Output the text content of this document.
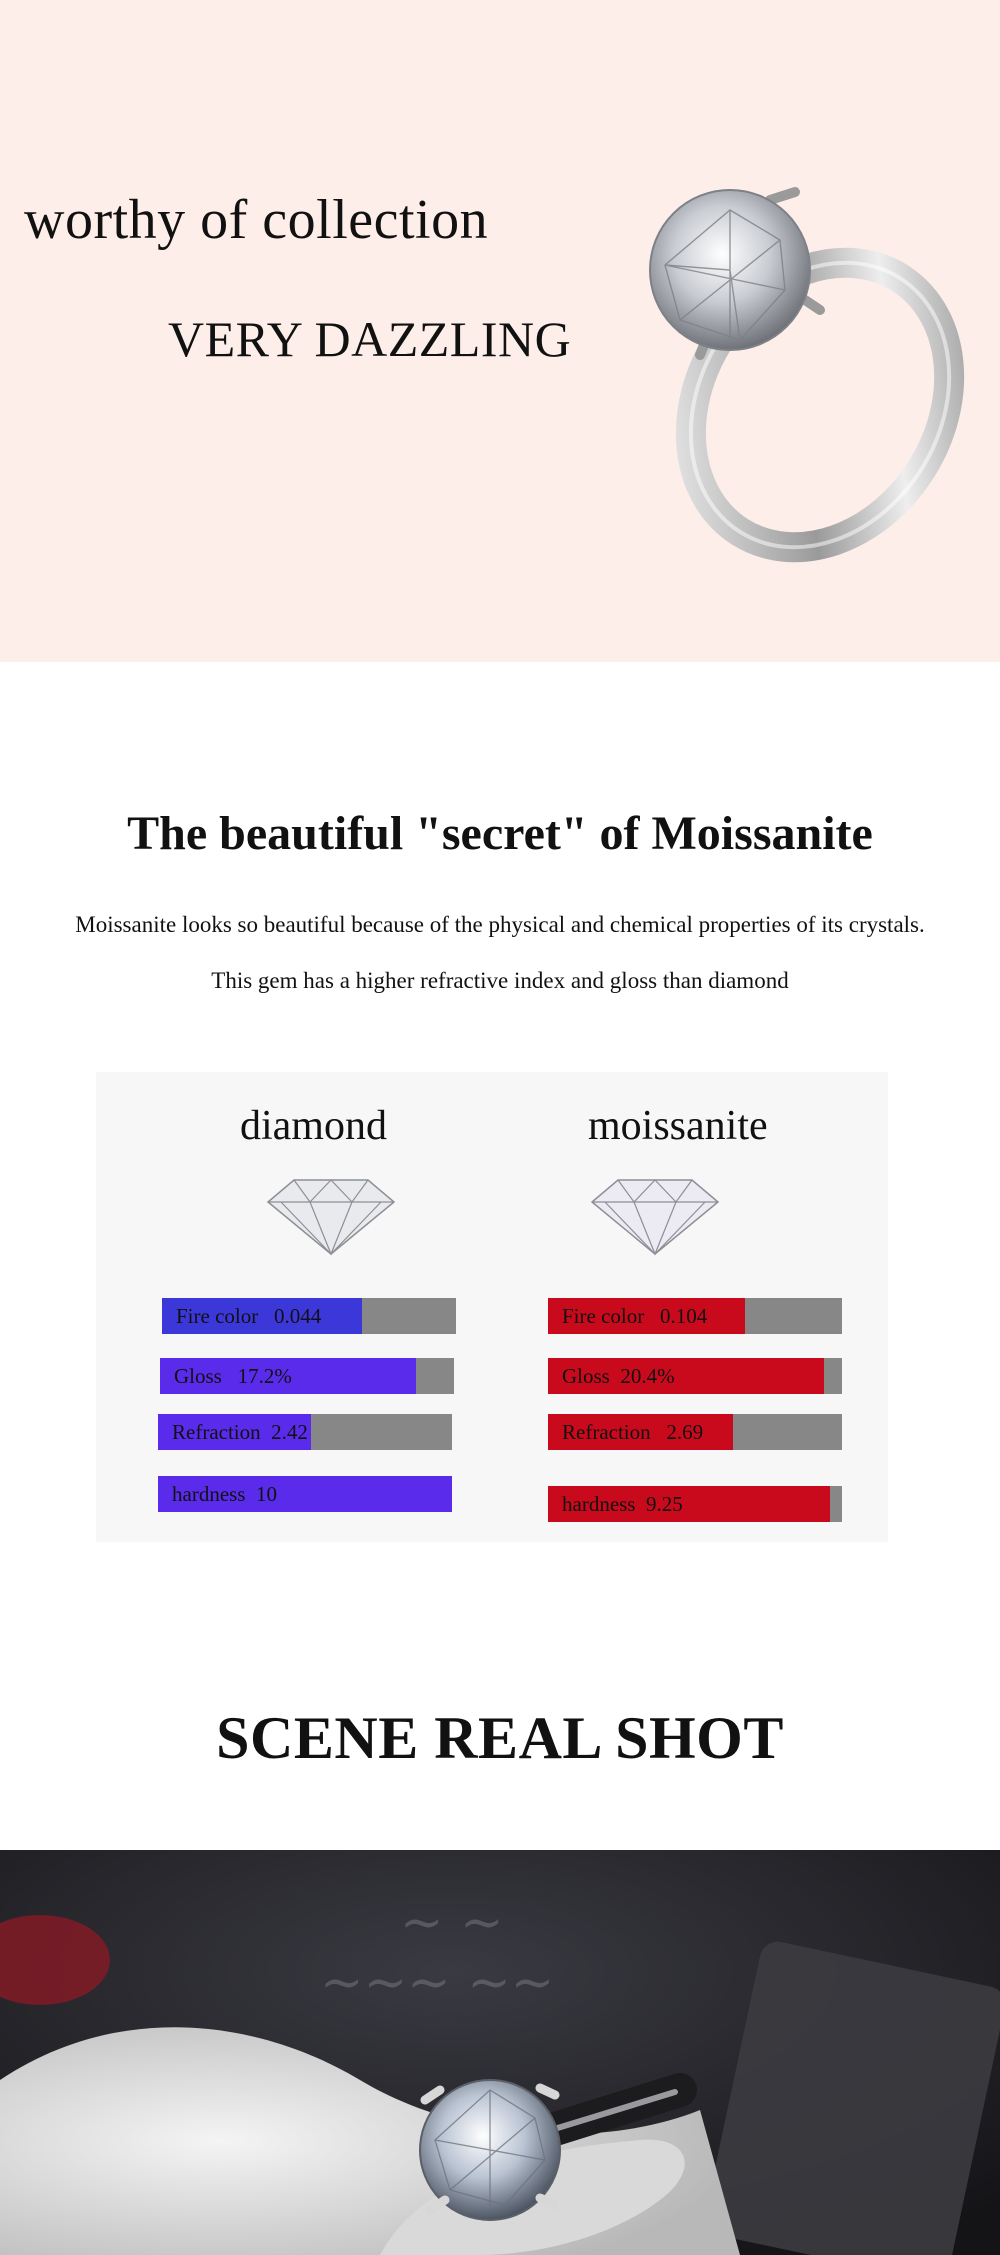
worthy of collection
VERY DAZZLING
The beautiful "secret" of Moissanite

Moissanite looks so beautiful because of the physical and chemical properties of its crystals.

This gem has a higher refractive index and gloss than diamond

diamond
Fire color   0.044
Gloss   17.2%
Refraction  2.42
hardness  10
moissanite
Fire color   0.104
Gloss  20.4%
Refraction   2.69
hardness  9.25
SCENE REAL SHOT
~ ~
~~~ ~~
